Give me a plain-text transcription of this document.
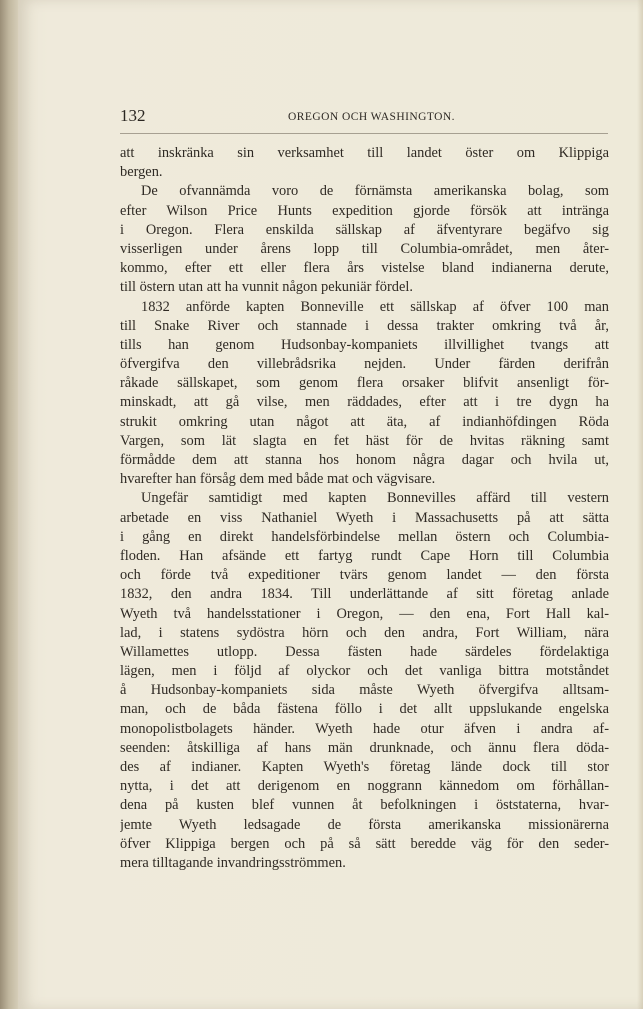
132	OREGON OCH WASHINGTON.
att inskränka sin verksamhet till landet öster om Klippiga
bergen.
De ofvannämda voro de förnämsta amerikanska bolag, som
efter Wilson Price Hunts expedition gjorde försök att intränga
i Oregon. Flera enskilda sällskap af äfventyrare begäfvo sig
visserligen under årens lopp till Columbia-området, men åter-
kommo, efter ett eller flera års vistelse bland indianerna derute,
till östern utan att ha vunnit någon pekuniär fördel.
1832 anförde kapten Bonneville ett sällskap af öfver 100 man
till Snake River och stannade i dessa trakter omkring två år,
tills han genom Hudsonbay-kompaniets illvillighet tvangs att
öfvergifva den villebrådsrika nejden. Under färden derifrån
råkade sällskapet, som genom flera orsaker blifvit ansenligt för-
minskadt, att gå vilse, men räddades, efter att i tre dygn ha
strukit omkring utan något att äta, af indianhöfdingen Röda
Vargen, som lät slagta en fet häst för de hvitas räkning samt
förmådde dem att stanna hos honom några dagar och hvila ut,
hvarefter han försåg dem med både mat och vägvisare.
Ungefär samtidigt med kapten Bonnevilles affärd till vestern
arbetade en viss Nathaniel Wyeth i Massachusetts på att sätta
i gång en direkt handelsförbindelse mellan östern och Columbia-
floden. Han afsände ett fartyg rundt Cape Horn till Columbia
och förde två expeditioner tvärs genom landet — den första
1832, den andra 1834. Till underlättande af sitt företag anlade
Wyeth två handelsstationer i Oregon, — den ena, Fort Hall kal-
lad, i statens sydöstra hörn och den andra, Fort William, nära
Willamettes utlopp. Dessa fästen hade särdeles fördelaktiga
lägen, men i följd af olyckor och det vanliga bittra motståndet
å Hudsonbay-kompaniets sida måste Wyeth öfvergifva alltsam-
man, och de båda fästena föllo i det allt uppslukande engelska
monopolistbolagets händer. Wyeth hade otur äfven i andra af-
seenden: åtskilliga af hans män drunknade, och ännu flera döda-
des af indianer. Kapten Wyeth's företag lände dock till stor
nytta, i det att derigenom en noggrann kännedom om förhållan-
dena på kusten blef vunnen åt befolkningen i öststaterna, hvar-
jemte Wyeth ledsagade de första amerikanska missionärerna
öfver Klippiga bergen och på så sätt beredde väg för den seder-
mera tilltagande invandringsströmmen.
